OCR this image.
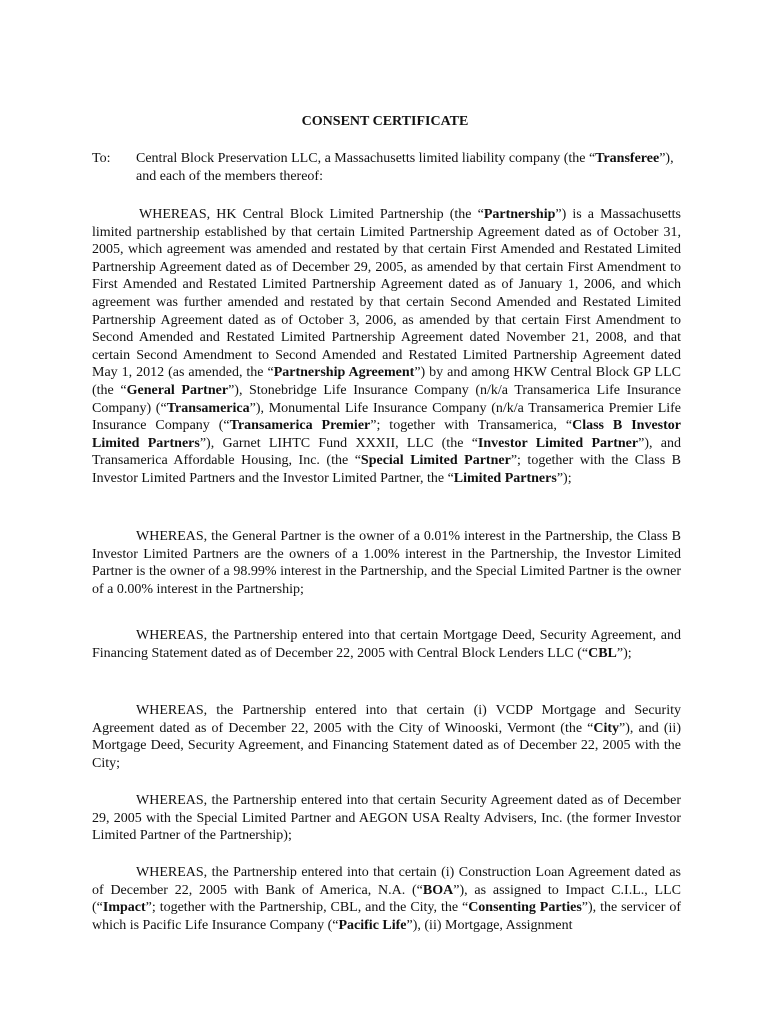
CONSENT CERTIFICATE
To: Central Block Preservation LLC, a Massachusetts limited liability company (the “Transferee”), and each of the members thereof:

WHEREAS, HK Central Block Limited Partnership (the “Partnership”) is a Massachusetts limited partnership established by that certain Limited Partnership Agreement dated as of October 31, 2005, which agreement was amended and restated by that certain First Amended and Restated Limited Partnership Agreement dated as of December 29, 2005, as amended by that certain First Amendment to First Amended and Restated Limited Partnership Agreement dated as of January 1, 2006, and which agreement was further amended and restated by that certain Second Amended and Restated Limited Partnership Agreement dated as of October 3, 2006, as amended by that certain First Amendment to Second Amended and Restated Limited Partnership Agreement dated November 21, 2008, and that certain Second Amendment to Second Amended and Restated Limited Partnership Agreement dated May 1, 2012 (as amended, the “Partnership Agreement”) by and among HKW Central Block GP LLC (the “General Partner”), Stonebridge Life Insurance Company (n/k/a Transamerica Life Insurance Company) (“Transamerica”), Monumental Life Insurance Company (n/k/a Transamerica Premier Life Insurance Company (“Transamerica Premier”; together with Transamerica, “Class B Investor Limited Partners”), Garnet LIHTC Fund XXXII, LLC (the “Investor Limited Partner”), and Transamerica Affordable Housing, Inc. (the “Special Limited Partner”; together with the Class B Investor Limited Partners and the Investor Limited Partner, the “Limited Partners”);

WHEREAS, the General Partner is the owner of a 0.01% interest in the Partnership, the Class B Investor Limited Partners are the owners of a 1.00% interest in the Partnership, the Investor Limited Partner is the owner of a 98.99% interest in the Partnership, and the Special Limited Partner is the owner of a 0.00% interest in the Partnership;

WHEREAS, the Partnership entered into that certain Mortgage Deed, Security Agreement, and Financing Statement dated as of December 22, 2005 with Central Block Lenders LLC (“CBL”);

WHEREAS, the Partnership entered into that certain (i) VCDP Mortgage and Security Agreement dated as of December 22, 2005 with the City of Winooski, Vermont (the “City”), and (ii) Mortgage Deed, Security Agreement, and Financing Statement dated as of December 22, 2005 with the City;

WHEREAS, the Partnership entered into that certain Security Agreement dated as of December 29, 2005 with the Special Limited Partner and AEGON USA Realty Advisers, Inc. (the former Investor Limited Partner of the Partnership);

WHEREAS, the Partnership entered into that certain (i) Construction Loan Agreement dated as of December 22, 2005 with Bank of America, N.A. (“BOA”), as assigned to Impact C.I.L., LLC (“Impact”; together with the Partnership, CBL, and the City, the “Consenting Parties”), the servicer of which is Pacific Life Insurance Company (“Pacific Life”), (ii) Mortgage, Assignment
